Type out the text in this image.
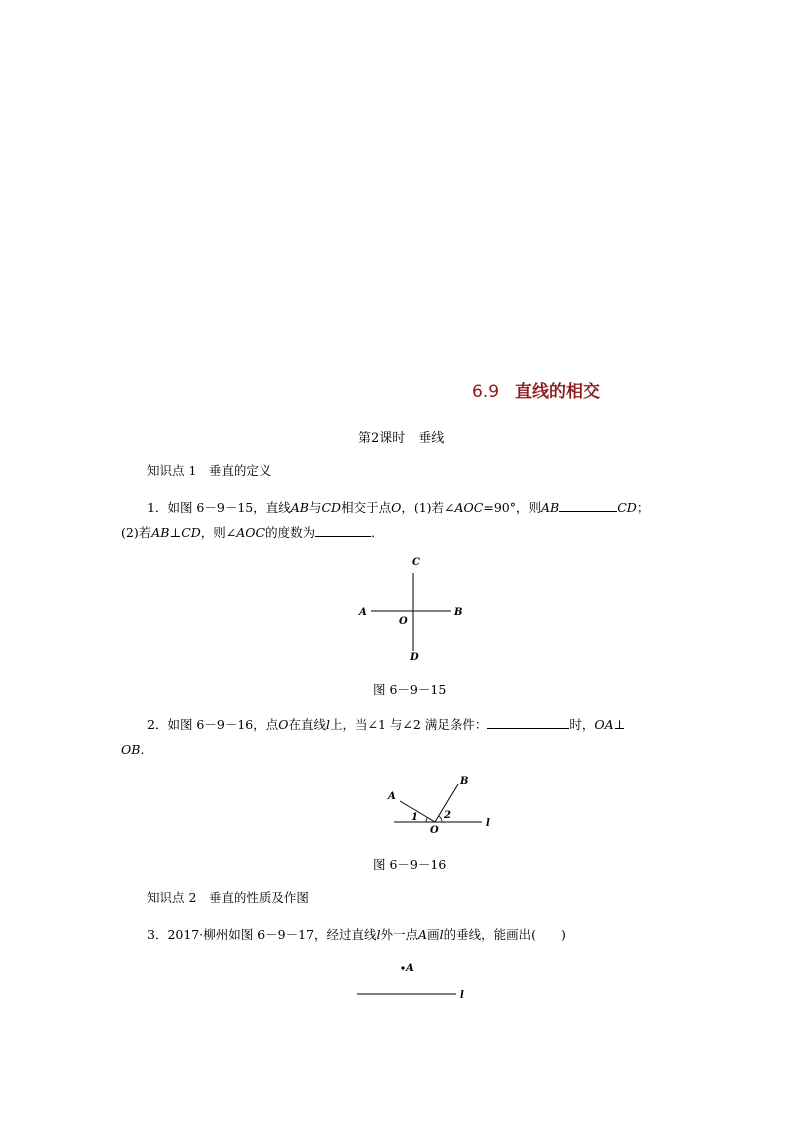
6.9 直线的相交
第2课时　垂线
知识点 1　垂直的定义
1．如图 6－9－15，直线AB与CD相交于点O，(1)若∠AOC=90°，则AB	CD；
(2)若AB⊥CD，则∠AOC的度数为	．
C
A
O
B
D
图 6－9－15
2．如图 6－9－16，点O在直线l上，当∠1 与∠2 满足条件：	时，OA⊥
OB.
A
B
1	2
O
l
图 6－9－16
知识点 2　垂直的性质及作图
3．2017·柳州如图 6－9－17，经过直线l外一点A画l的垂线，能画出(　　)
A
l
